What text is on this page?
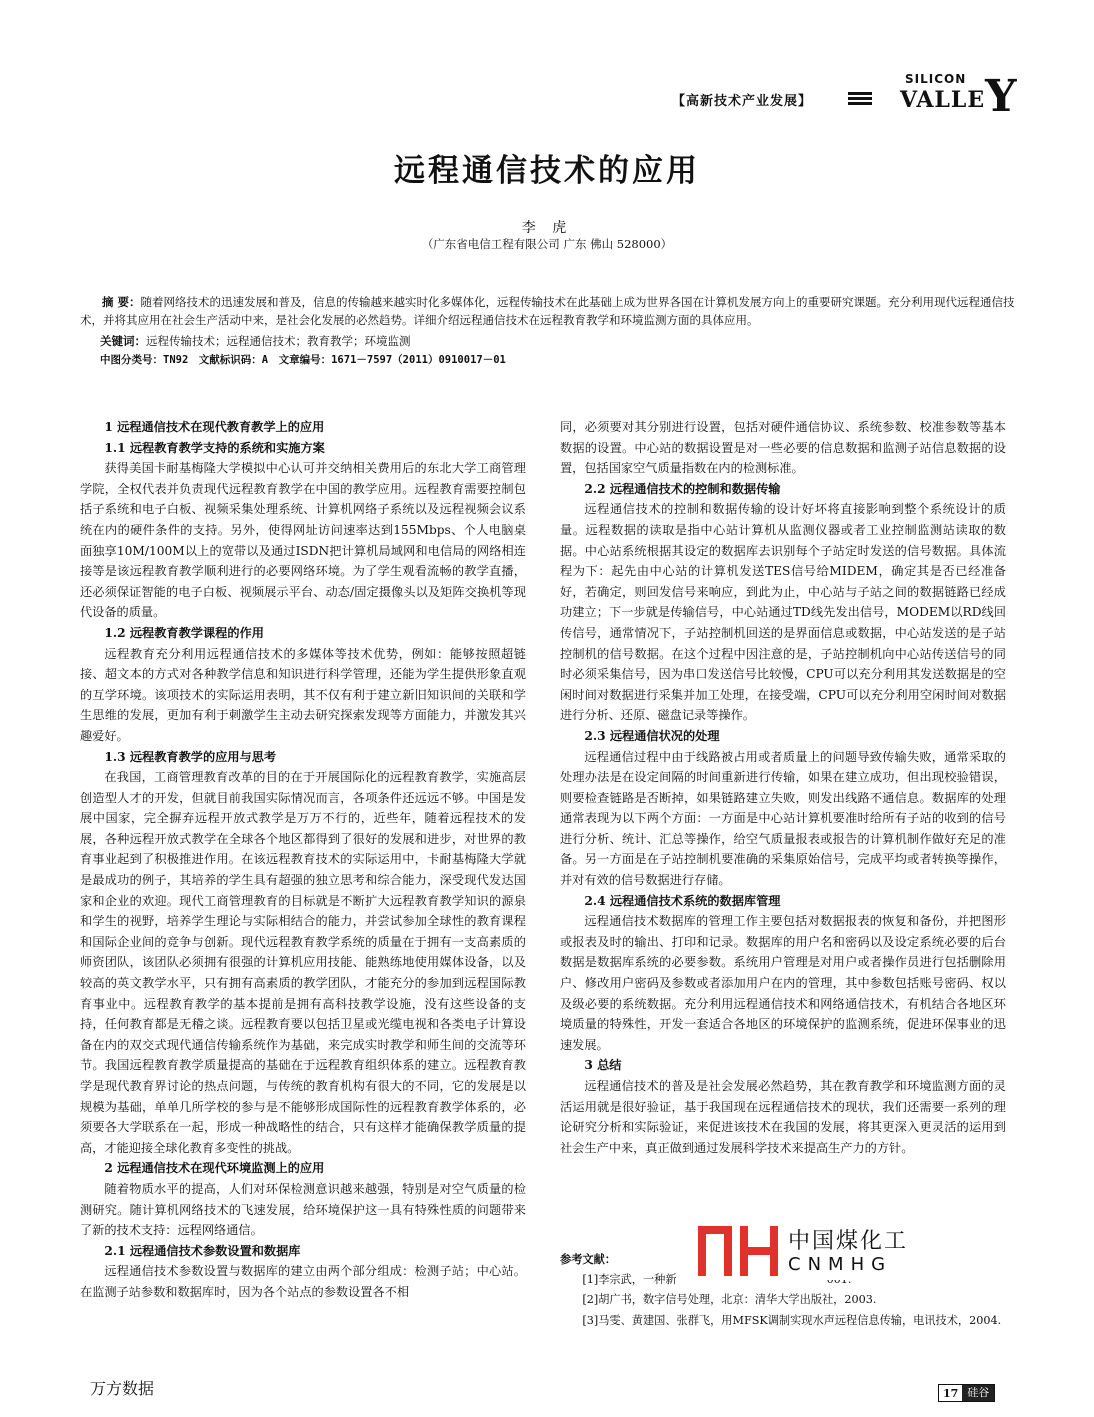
【高新技术产业发展】
SILICON
VALLEY
远程通信技术的应用
李 虎
（广东省电信工程有限公司 广东 佛山 528000）
摘 要：随着网络技术的迅速发展和普及，信息的传输越来越实时化多媒体化，远程传输技术在此基础上成为世界各国在计算机发展方向上的重要研究课题。充分利用现代远程通信技术，并将其应用在社会生产活动中来，是社会化发展的必然趋势。详细介绍远程通信技术在远程教育教学和环境监测方面的具体应用。
关键词：远程传输技术；远程通信技术；教育教学；环境监测
中图分类号：TN92　文献标识码：A　文章编号：1671－7597（2011）0910017－01
1 远程通信技术在现代教育教学上的应用
1.1 远程教育教学支持的系统和实施方案

获得美国卡耐基梅隆大学模拟中心认可并交纳相关费用后的东北大学工商管理学院，全权代表并负责现代远程教育教学在中国的教学应用。远程教育需要控制包括子系统和电子白板、视频采集处理系统、计算机网络子系统以及远程视频会议系统在内的硬件条件的支持。另外，使得网址访问速率达到155Mbps、个人电脑桌面独享10M/100M以上的宽带以及通过ISDN把计算机局域网和电信局的网络相连接等是该远程教育教学顺利进行的必要网络环境。为了学生观看流畅的教学直播，还必须保证智能的电子白板、视频展示平台、动态/固定摄像头以及矩阵交换机等现代设备的质量。

1.2 远程教育教学课程的作用

远程教育充分利用远程通信技术的多媒体等技术优势，例如：能够按照超链接、超文本的方式对各种教学信息和知识进行科学管理，还能为学生提供形象直观的互学环境。该项技术的实际运用表明，其不仅有利于建立新旧知识间的关联和学生思维的发展，更加有利于刺激学生主动去研究探索发现等方面能力，并激发其兴趣爱好。

1.3 远程教育教学的应用与思考

在我国，工商管理教育改革的目的在于开展国际化的远程教育教学，实施高层创造型人才的开发，但就目前我国实际情况而言，各项条件还远远不够。中国是发展中国家，完全摒弃远程开放式教学是万万不行的，近些年，随着远程技术的发展，各种远程开放式教学在全球各个地区都得到了很好的发展和进步，对世界的教育事业起到了积极推进作用。在该远程教育技术的实际运用中，卡耐基梅隆大学就是最成功的例子，其培养的学生具有超强的独立思考和综合能力，深受现代发达国家和企业的欢迎。现代工商管理教育的目标就是不断扩大远程教育教学知识的源泉和学生的视野，培养学生理论与实际相结合的能力，并尝试参加全球性的教育课程和国际企业间的竞争与创新。现代远程教育教学系统的质量在于拥有一支高素质的师资团队，该团队必须拥有很强的计算机应用技能、能熟练地使用媒体设备，以及较高的英文教学水平，只有拥有高素质的教学团队，才能充分的参加到远程国际教育事业中。远程教育教学的基本提前是拥有高科技教学设施，没有这些设备的支持，任何教育都是无稽之谈。远程教育要以包括卫星或光缆电视和各类电子计算设备在内的双交式现代通信传输系统作为基础，来完成实时教学和师生间的交流等环节。我国远程教育教学质量提高的基础在于远程教育组织体系的建立。远程教育教学是现代教育界讨论的热点问题，与传统的教育机构有很大的不同，它的发展是以规模为基础，单单几所学校的参与是不能够形成国际性的远程教育教学体系的，必须要各大学联系在一起，形成一种战略性的结合，只有这样才能确保教学质量的提高，才能迎接全球化教育多变性的挑战。

2 远程通信技术在现代环境监测上的应用

随着物质水平的提高，人们对环保检测意识越来越强，特别是对空气质量的检测研究。随计算机网络技术的飞速发展，给环境保护这一具有特殊性质的问题带来了新的技术支持：远程网络通信。

2.1 远程通信技术参数设置和数据库

远程通信技术参数设置与数据库的建立由两个部分组成：检测子站；中心站。在监测子站参数和数据库时，因为各个站点的参数设置各不相

同，必须要对其分别进行设置，包括对硬件通信协议、系统参数、校准参数等基本数据的设置。中心站的数据设置是对一些必要的信息数据和监测子站信息数据的设置，包括国家空气质量指数在内的检测标准。

2.2 远程通信技术的控制和数据传输

远程通信技术的控制和数据传输的设计好坏将直接影响到整个系统设计的质量。远程数据的读取是指中心站计算机从监测仪器或者工业控制监测站读取的数据。中心站系统根据其设定的数据库去识别每个子站定时发送的信号数据。具体流程为下：起先由中心站的计算机发送TES信号给MIDEM，确定其是否已经准备好，若确定，则回发信号来响应，到此为止，中心站与子站之间的数据链路已经成功建立；下一步就是传输信号，中心站通过TD线先发出信号，MODEM以RD线回传信号，通常情况下，子站控制机回送的是界面信息或数据，中心站发送的是子站控制机的信号数据。在这个过程中因注意的是，子站控制机向中心站传送信号的同时必须采集信号，因为串口发送信号比较慢，CPU可以充分利用其发送数据是的空闲时间对数据进行采集并加工处理，在接受端，CPU可以充分利用空闲时间对数据进行分析、还原、磁盘记录等操作。

2.3 远程通信状况的处理

远程通信过程中由于线路被占用或者质量上的问题导致传输失败，通常采取的处理办法是在设定间隔的时间重新进行传输，如果在建立成功，但出现校验错误，则要检查链路是否断掉，如果链路建立失败，则发出线路不通信息。数据库的处理通常表现为以下两个方面：一方面是中心站计算机要准时给所有子站的收到的信号进行分析、统计、汇总等操作，给空气质量报表或报告的计算机制作做好充足的准备。另一方面是在子站控制机要准确的采集原始信号，完成平均或者转换等操作，并对有效的信号数据进行存储。

2.4 远程通信技术系统的数据库管理

远程通信技术数据库的管理工作主要包括对数据报表的恢复和备份，并把图形或报表及时的输出、打印和记录。数据库的用户名和密码以及设定系统必要的后台数据是数据库系统的必要参数。系统用户管理是对用户或者操作员进行包括删除用户、修改用户密码及参数或者添加用户在内的管理，其中参数包括账号密码、权以及级必要的系统数据。充分利用远程通信技术和网络通信技术，有机结合各地区环境质量的特殊性，开发一套适合各地区的环境保护的监测系统，促进环保事业的迅速发展。

3 总结

远程通信技术的普及是社会发展必然趋势，其在教育教学和环境监测方面的灵活运用就是很好验证，基于我国现在远程通信技术的现状，我们还需要一系列的理论研究分析和实际验证，来促进该技术在我国的发展，将其更深入更灵活的运用到社会生产中来，真正做到通过发展科学技术来提高生产力的方针。

参考文献：
[1]李宗武，一种新
[2]胡广书，数字信号处理，北京：清华大学出版社，2003.
[3]马雯、黄建国、张群飞，用MFSK调制实现水声远程信息传输，电讯技术，2004.
中国煤化工
CNMHG
万方数据	17 硅谷
